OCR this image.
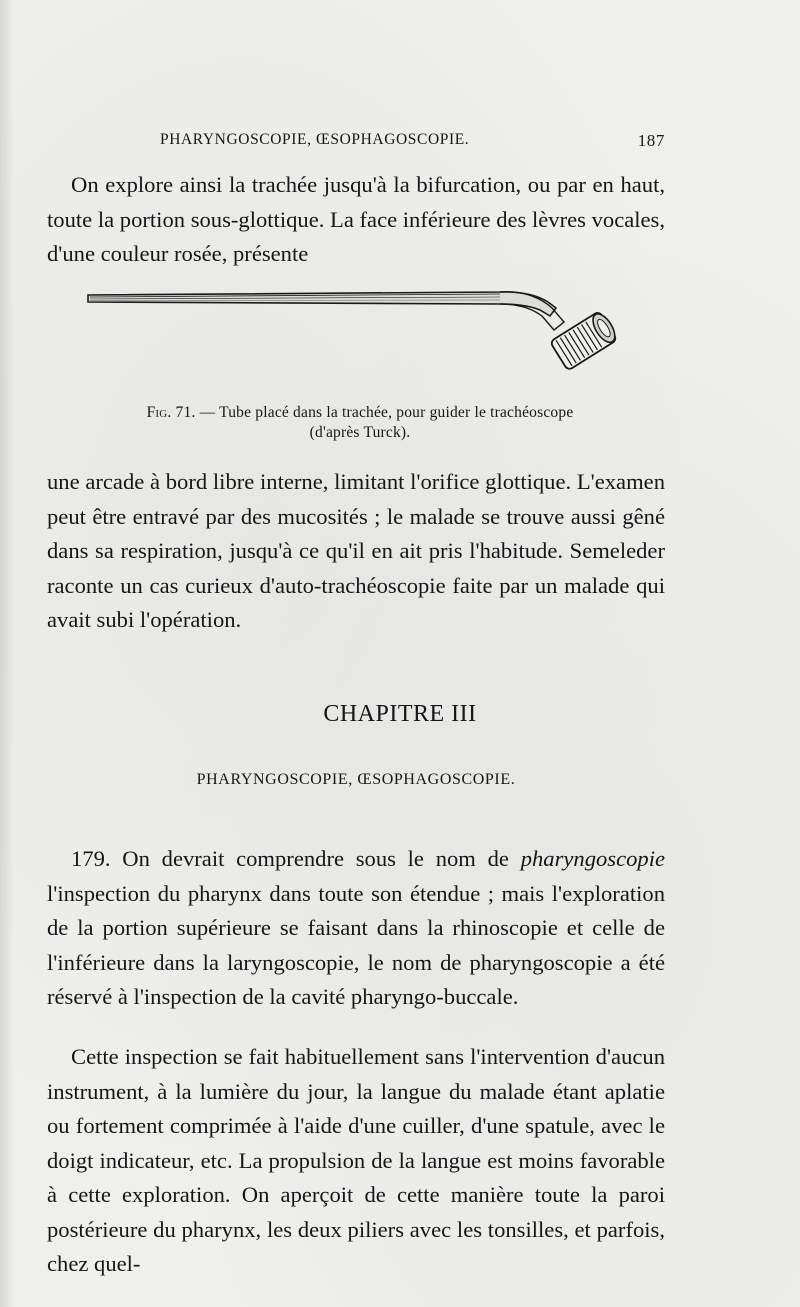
PHARYNGOSCOPIE, ŒSOPHAGOSCOPIE.	187

On explore ainsi la trachée jusqu'à la bifurcation, ou par en haut, toute la portion sous-glottique. La face inférieure des lèvres vocales, d'une couleur rosée, présente

Fig. 71. — Tube placé dans la trachée, pour guider le trachéoscope
(d'après Turck).

une arcade à bord libre interne, limitant l'orifice glottique. L'examen peut être entravé par des mucosités ; le malade se trouve aussi gêné dans sa respiration, jusqu'à ce qu'il en ait pris l'habitude. Semeleder raconte un cas curieux d'auto-trachéoscopie faite par un malade qui avait subi l'opération.

CHAPITRE III
PHARYNGOSCOPIE, ŒSOPHAGOSCOPIE.

179. On devrait comprendre sous le nom de pharyngoscopie l'inspection du pharynx dans toute son étendue ; mais l'exploration de la portion supérieure se faisant dans la rhinoscopie et celle de l'inférieure dans la laryngoscopie, le nom de pharyngoscopie a été réservé à l'inspection de la cavité pharyngo-buccale.

Cette inspection se fait habituellement sans l'intervention d'aucun instrument, à la lumière du jour, la langue du malade étant aplatie ou fortement comprimée à l'aide d'une cuiller, d'une spatule, avec le doigt indicateur, etc. La propulsion de la langue est moins favorable à cette exploration. On aperçoit de cette manière toute la paroi postérieure du pharynx, les deux piliers avec les tonsilles, et parfois, chez quel-
